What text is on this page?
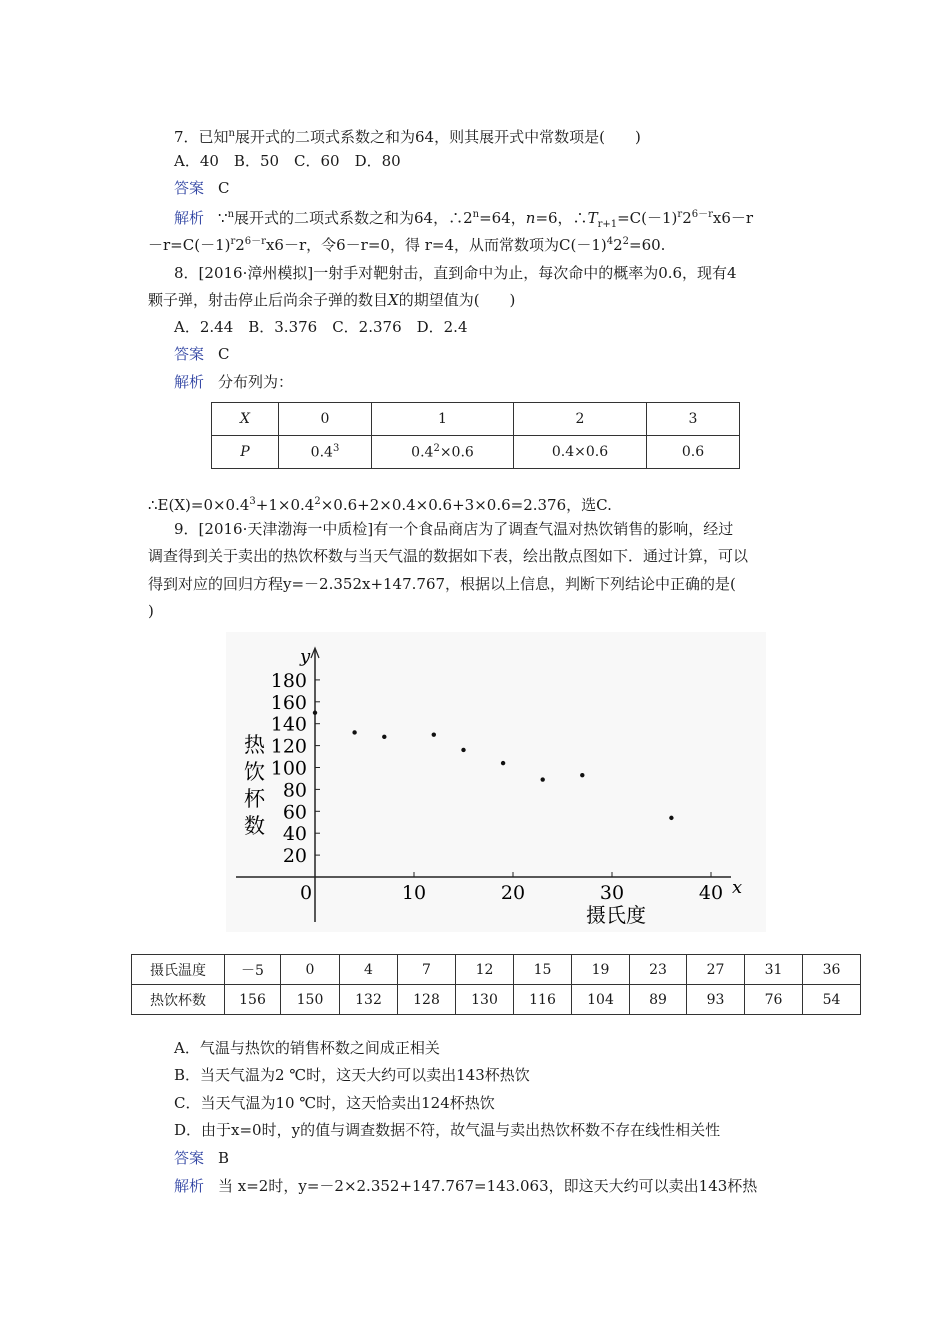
7．已知$^n$展开式的二项式系数之和为64，则其展开式中常数项是(　　)
A．40　B．50　C．60　D．80
答案 C
解析 ∵$^n$展开式的二项式系数之和为64，$\therefore 2^n=64$，n=6，$\therefore T_{r+1}=C(-1)^r2^{6-r}x6-r$
$-r=C(-1)^r2^{6-r}x6-r$，令6－r=0，得 r=4，从而常数项为$C(-1)^42^2=60$.
8．[2016·漳州模拟]一射手对靶射击，直到命中为止，每次命中的概率为0.6，现有4
颗子弹，射击停止后尚余子弹的数目X的期望值为(　　)
A．2.44　B．3.376　C．2.376　D．2.4
答案 C
解析 分布列为：
X	0	1	2	3
P	$0.4^3$	$0.4^2\times 0.6$	0.4×0.6	0.6
$\therefore E(X)=0\times 0.4^3+1\times 0.4^2\times 0.6+2\times 0.4\times 0.6+3\times 0.6=2.376$，选C.
9．[2016·天津渤海一中质检]有一个食品商店为了调查气温对热饮销售的影响，经过
调查得到关于卖出的热饮杯数与当天气温的数据如下表，绘出散点图如下．通过计算，可以
得到对应的回归方程y=－2.352x+147.767，根据以上信息，判断下列结论中正确的是(
)
20
40
60
80
100
120
140
160
180
0	10	20	30	40
y
x
摄氏度
热
饮
杯
数
摄氏温度	－5	0	4	7	12	15	19	23	27	31	36
热饮杯数	156	150	132	128	130	116	104	89	93	76	54
A．气温与热饮的销售杯数之间成正相关
B．当天气温为2 ℃时，这天大约可以卖出143杯热饮
C．当天气温为10 ℃时，这天恰卖出124杯热饮
D．由于x=0时，y的值与调查数据不符，故气温与卖出热饮杯数不存在线性相关性
答案 B
解析 当 x=2时，y=－2×2.352+147.767=143.063，即这天大约可以卖出143杯热
